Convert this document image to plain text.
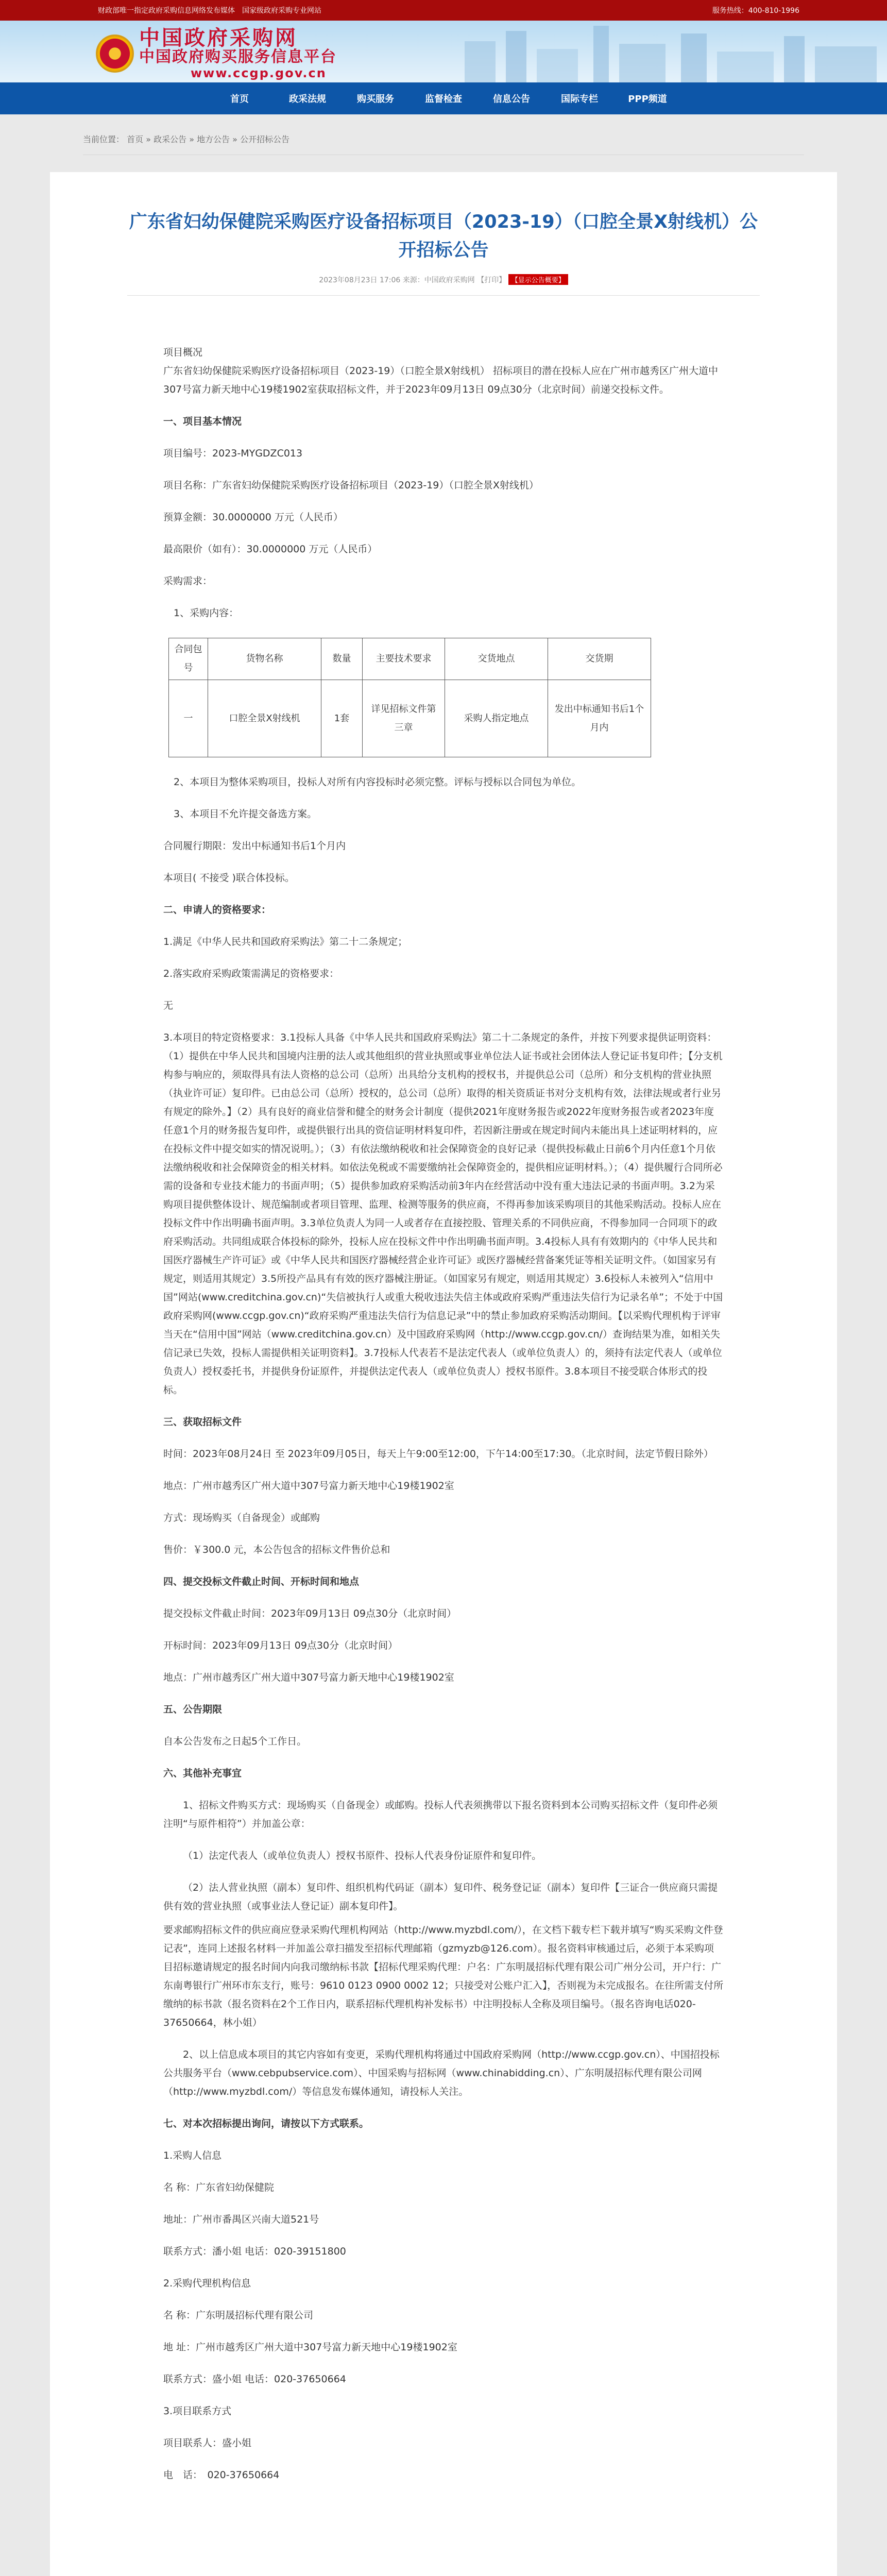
财政部唯一指定政府采购信息网络发布媒体 国家级政府采购专业网站	服务热线：400-810-1996
中国政府采购网
中国政府购买服务信息平台
www.ccgp.gov.cn
首页	政采法规	购买服务	监督检查	信息公告	国际专栏	PPP频道
当前位置： 首页 » 政采公告 » 地方公告 » 公开招标公告
广东省妇幼保健院采购医疗设备招标项目（2023-19）（口腔全景X射线机）公开招标公告
2023年08月23日 17:06 来源：中国政府采购网 【打印】 【显示公告概要】

项目概况

广东省妇幼保健院采购医疗设备招标项目（2023-19）（口腔全景X射线机） 招标项目的潜在投标人应在广州市越秀区广州大道中307号富力新天地中心19楼1902室获取招标文件，并于2023年09月13日 09点30分（北京时间）前递交投标文件。

一、项目基本情况

项目编号：2023-MYGDZC013

项目名称：广东省妇幼保健院采购医疗设备招标项目（2023-19）（口腔全景X射线机）

预算金额：30.0000000 万元（人民币）

最高限价（如有）：30.0000000 万元（人民币）

采购需求：

1、采购内容：

合同包号	货物名称	数量	主要技术要求	交货地点	交货期
一	口腔全景X射线机	1套	详见招标文件第三章	采购人指定地点	发出中标通知书后1个月内

2、本项目为整体采购项目，投标人对所有内容投标时必须完整。评标与授标以合同包为单位。

3、本项目不允许提交备选方案。

合同履行期限：发出中标通知书后1个月内

本项目( 不接受 )联合体投标。

二、申请人的资格要求：

1.满足《中华人民共和国政府采购法》第二十二条规定；

2.落实政府采购政策需满足的资格要求：

无

3.本项目的特定资格要求：3.1投标人具备《中华人民共和国政府采购法》第二十二条规定的条件，并按下列要求提供证明资料：（1）提供在中华人民共和国境内注册的法人或其他组织的营业执照或事业单位法人证书或社会团体法人登记证书复印件；【分支机构参与响应的，须取得具有法人资格的总公司（总所）出具给分支机构的授权书，并提供总公司（总所）和分支机构的营业执照（执业许可证）复印件。已由总公司（总所）授权的，总公司（总所）取得的相关资质证书对分支机构有效，法律法规或者行业另有规定的除外。】（2）具有良好的商业信誉和健全的财务会计制度（提供2021年度财务报告或2022年度财务报告或者2023年度任意1个月的财务报告复印件，或提供银行出具的资信证明材料复印件，若因新注册或在规定时间内未能出具上述证明材料的，应在投标文件中提交如实的情况说明。）；（3）有依法缴纳税收和社会保障资金的良好记录（提供投标截止日前6个月内任意1个月依法缴纳税收和社会保障资金的相关材料。如依法免税或不需要缴纳社会保障资金的，提供相应证明材料。）；（4）提供履行合同所必需的设备和专业技术能力的书面声明；（5）提供参加政府采购活动前3年内在经营活动中没有重大违法记录的书面声明。3.2为采购项目提供整体设计、规范编制或者项目管理、监理、检测等服务的供应商，不得再参加该采购项目的其他采购活动。投标人应在投标文件中作出明确书面声明。3.3单位负责人为同一人或者存在直接控股、管理关系的不同供应商，不得参加同一合同项下的政府采购活动。共同组成联合体投标的除外，投标人应在投标文件中作出明确书面声明。3.4投标人具有有效期内的《中华人民共和国医疗器械生产许可证》或《中华人民共和国医疗器械经营企业许可证》或医疗器械经营备案凭证等相关证明文件。（如国家另有规定，则适用其规定）3.5所投产品具有有效的医疗器械注册证。（如国家另有规定，则适用其规定）3.6投标人未被列入“信用中国”网站(www.creditchina.gov.cn)“失信被执行人或重大税收违法失信主体或政府采购严重违法失信行为记录名单”；不处于中国政府采购网(www.ccgp.gov.cn)“政府采购严重违法失信行为信息记录”中的禁止参加政府采购活动期间。【以采购代理机构于评审当天在“信用中国”网站（www.creditchina.gov.cn）及中国政府采购网（http://www.ccgp.gov.cn/）查询结果为准，如相关失信记录已失效，投标人需提供相关证明资料】。3.7投标人代表若不是法定代表人（或单位负责人）的，须持有法定代表人（或单位负责人）授权委托书，并提供身份证原件，并提供法定代表人（或单位负责人）授权书原件。3.8本项目不接受联合体形式的投标。

三、获取招标文件

时间：2023年08月24日 至 2023年09月05日，每天上午9:00至12:00，下午14:00至17:30。（北京时间，法定节假日除外）

地点：广州市越秀区广州大道中307号富力新天地中心19楼1902室

方式：现场购买（自备现金）或邮购

售价：￥300.0 元，本公告包含的招标文件售价总和

四、提交投标文件截止时间、开标时间和地点

提交投标文件截止时间：2023年09月13日 09点30分（北京时间）

开标时间：2023年09月13日 09点30分（北京时间）

地点：广州市越秀区广州大道中307号富力新天地中心19楼1902室

五、公告期限

自本公告发布之日起5个工作日。

六、其他补充事宜

1、招标文件购买方式：现场购买（自备现金）或邮购。投标人代表须携带以下报名资料到本公司购买招标文件（复印件必须注明“与原件相符”）并加盖公章：

（1）法定代表人（或单位负责人）授权书原件、投标人代表身份证原件和复印件。

（2）法人营业执照（副本）复印件、组织机构代码证（副本）复印件、税务登记证（副本）复印件【三证合一供应商只需提供有效的营业执照（或事业法人登记证）副本复印件】。

要求邮购招标文件的供应商应登录采购代理机构网站（http://www.myzbdl.com/），在文档下载专栏下载并填写“购买采购文件登记表”，连同上述报名材料一并加盖公章扫描发至招标代理邮箱（gzmyzb@126.com）。报名资料审核通过后，必须于本采购项目招标邀请规定的报名时间内向我司缴纳标书款【招标代理采购代理：户名：广东明晟招标代理有限公司广州分公司，开户行：广东南粤银行广州环市东支行，账号：9610 0123 0900 0002 12；只接受对公账户汇入】，否则视为未完成报名。在往所需支付所缴纳的标书款（报名资料在2个工作日内，联系招标代理机构补发标书）中注明投标人全称及项目编号。（报名咨询电话020-37650664，林小姐）

2、以上信息成本项目的其它内容如有变更，采购代理机构将通过中国政府采购网（http://www.ccgp.gov.cn）、中国招投标公共服务平台（www.cebpubservice.com）、中国采购与招标网（www.chinabidding.cn）、广东明晟招标代理有限公司网（http://www.myzbdl.com/）等信息发布媒体通知，请投标人关注。

七、对本次招标提出询问，请按以下方式联系。

1.采购人信息

名 称：广东省妇幼保健院

地址：广州市番禺区兴南大道521号

联系方式：潘小姐 电话：020-39151800

2.采购代理机构信息

名 称：广东明晟招标代理有限公司

地 址：广州市越秀区广州大道中307号富力新天地中心19楼1902室

联系方式：盛小姐 电话：020-37650664

3.项目联系方式

项目联系人：盛小姐

电　话：　020-37650664
